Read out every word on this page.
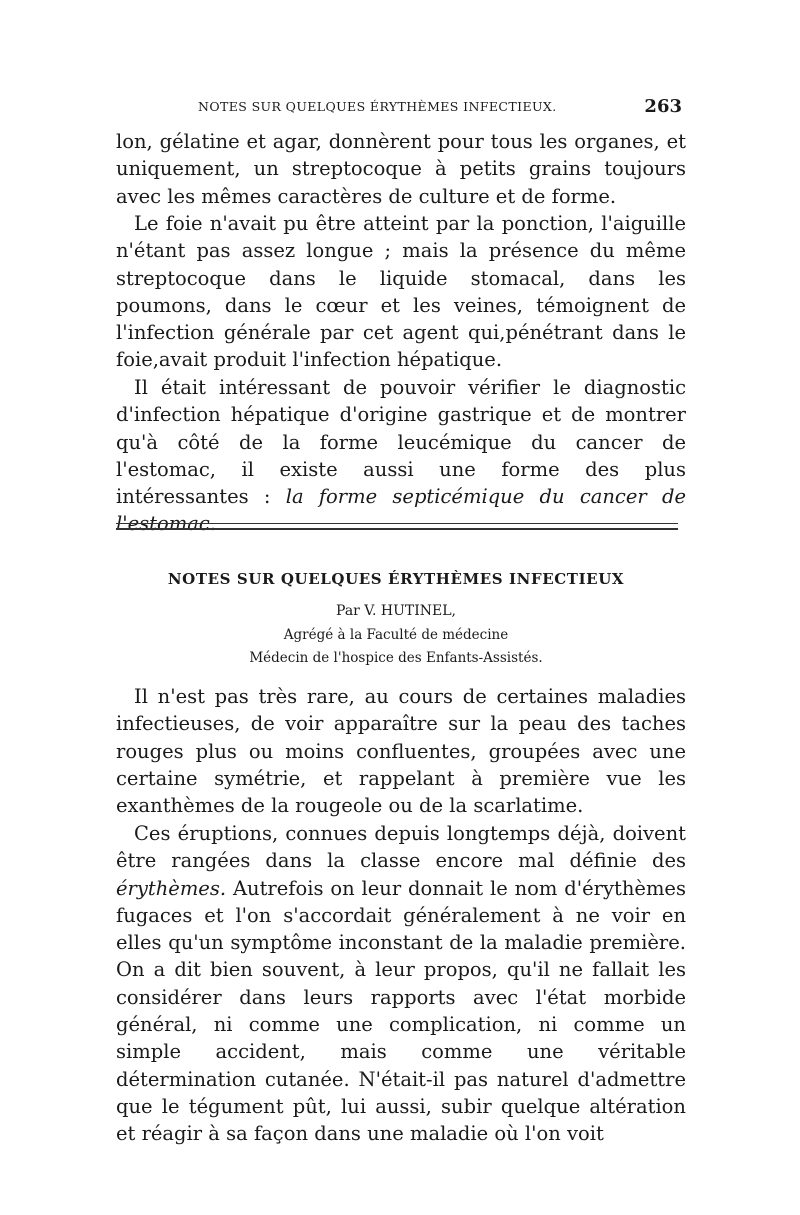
NOTES SUR QUELQUES ÉRYTHÈMES INFECTIEUX.	263

lon, gélatine et agar, donnèrent pour tous les organes, et uniquement, un streptocoque à petits grains toujours avec les mêmes caractères de culture et de forme.

Le foie n'avait pu être atteint par la ponction, l'aiguille n'étant pas assez longue ; mais la présence du même streptocoque dans le liquide stomacal, dans les poumons, dans le cœur et les veines, témoignent de l'infection générale par cet agent qui,pénétrant dans le foie,avait produit l'infection hépatique.

Il était intéressant de pouvoir vérifier le diagnostic d'infection hépatique d'origine gastrique et de montrer qu'à côté de la forme leucémique du cancer de l'estomac, il existe aussi une forme des plus intéressantes : la forme septicémique du cancer de l'estomac.

NOTES SUR QUELQUES ÉRYTHÈMES INFECTIEUX
Par V. HUTINEL,
Agrégé à la Faculté de médecine
Médecin de l'hospice des Enfants-Assistés.

Il n'est pas très rare, au cours de certaines maladies infectieuses, de voir apparaître sur la peau des taches rouges plus ou moins confluentes, groupées avec une certaine symétrie, et rappelant à première vue les exanthèmes de la rougeole ou de la scarlatime.

Ces éruptions, connues depuis longtemps déjà, doivent être rangées dans la classe encore mal définie des érythèmes. Autrefois on leur donnait le nom d'érythèmes fugaces et l'on s'accordait généralement à ne voir en elles qu'un symptôme inconstant de la maladie première. On a dit bien souvent, à leur propos, qu'il ne fallait les considérer dans leurs rapports avec l'état morbide général, ni comme une complication, ni comme un simple accident, mais comme une véritable détermination cutanée. N'était-il pas naturel d'admettre que le tégument pût, lui aussi, subir quelque altération et réagir à sa façon dans une maladie où l'on voit
